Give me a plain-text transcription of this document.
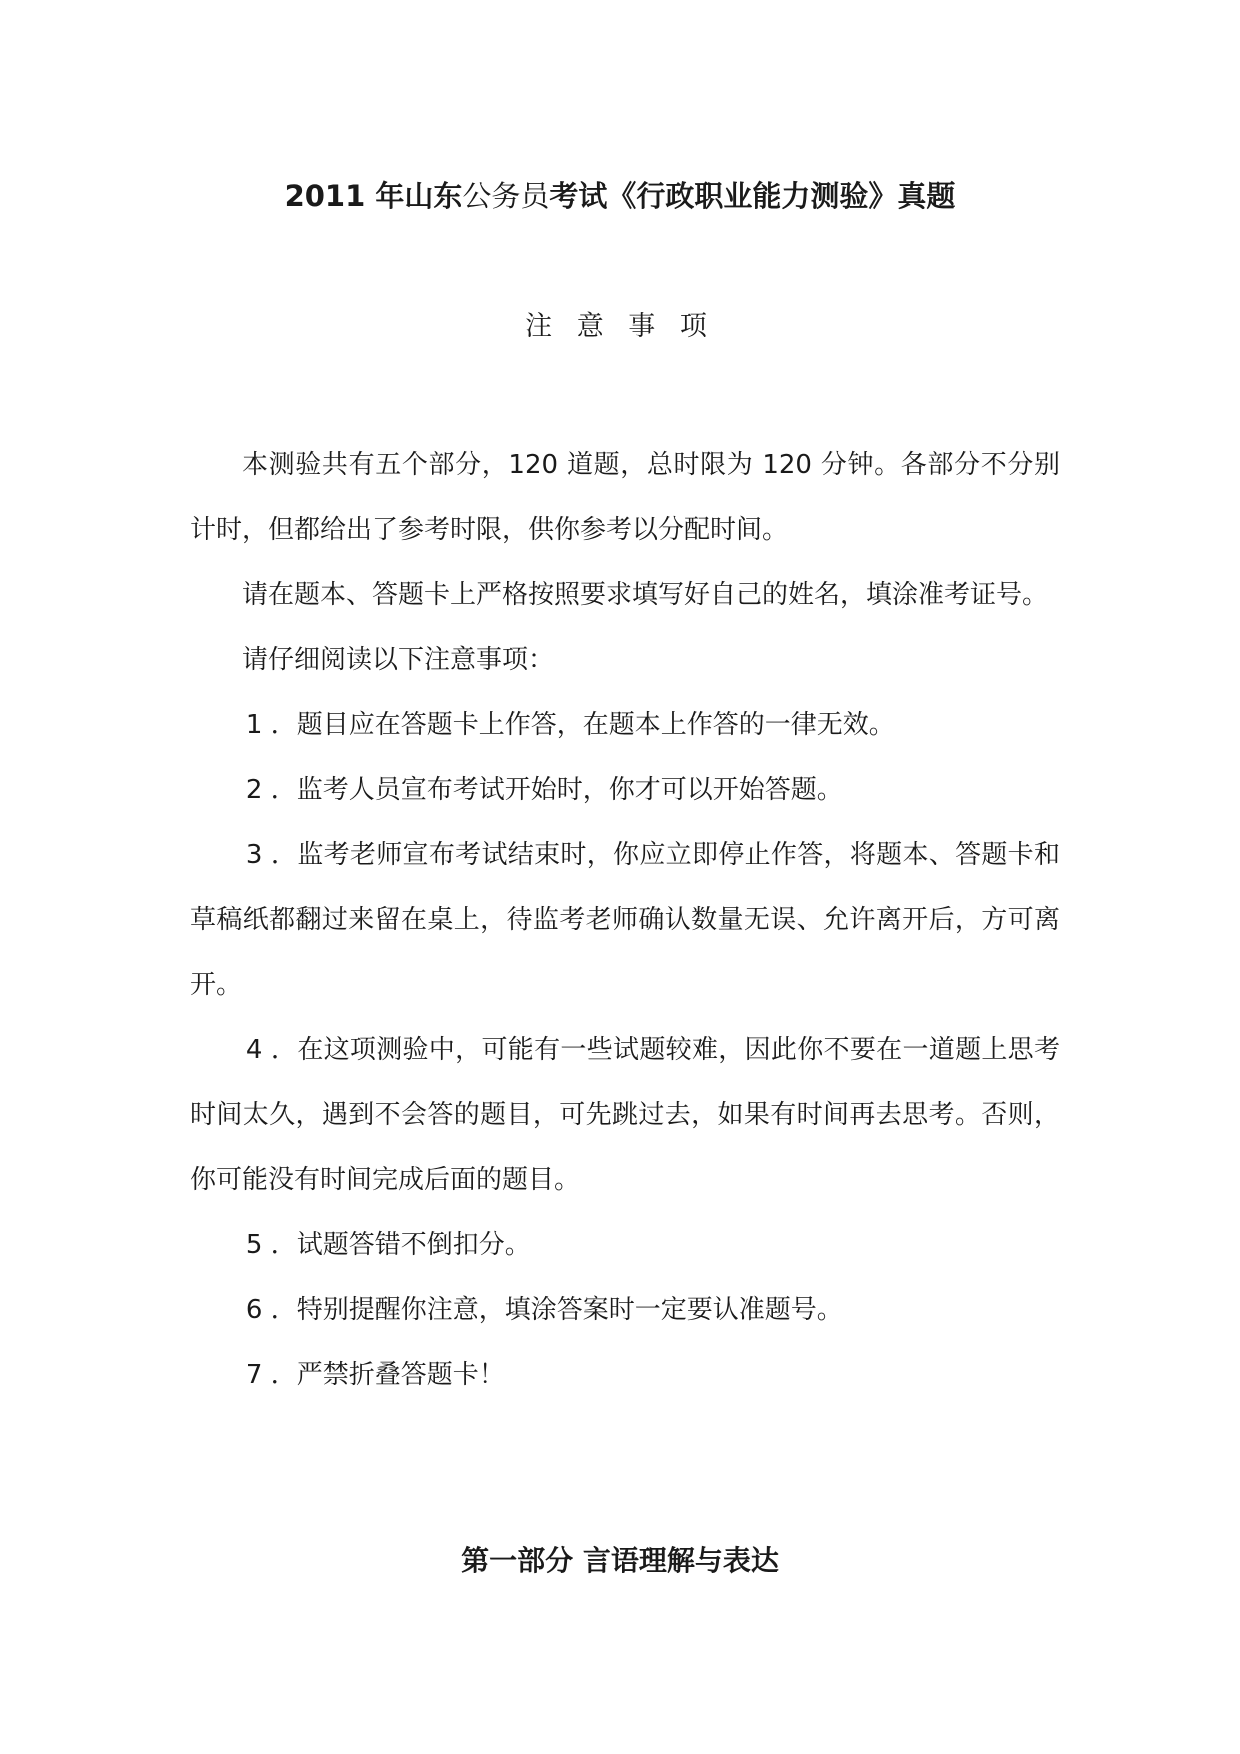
2011 年山东公务员考试《行政职业能力测验》真题
注 意 事 项

本测验共有五个部分，120 道题，总时限为 120 分钟。各部分不分别计时，但都给出了参考时限，供你参考以分配时间。

请在题本、答题卡上严格按照要求填写好自己的姓名，填涂准考证号。

请仔细阅读以下注意事项：

1 ．题目应在答题卡上作答，在题本上作答的一律无效。

2 ．监考人员宣布考试开始时，你才可以开始答题。

3 ．监考老师宣布考试结束时，你应立即停止作答，将题本、答题卡和草稿纸都翻过来留在桌上，待监考老师确认数量无误、允许离开后，方可离开。

4 ．在这项测验中，可能有一些试题较难，因此你不要在一道题上思考时间太久，遇到不会答的题目，可先跳过去，如果有时间再去思考。否则，你可能没有时间完成后面的题目。

5 ．试题答错不倒扣分。

6 ．特别提醒你注意，填涂答案时一定要认准题号。

7 ．严禁折叠答题卡！

第一部分 言语理解与表达
